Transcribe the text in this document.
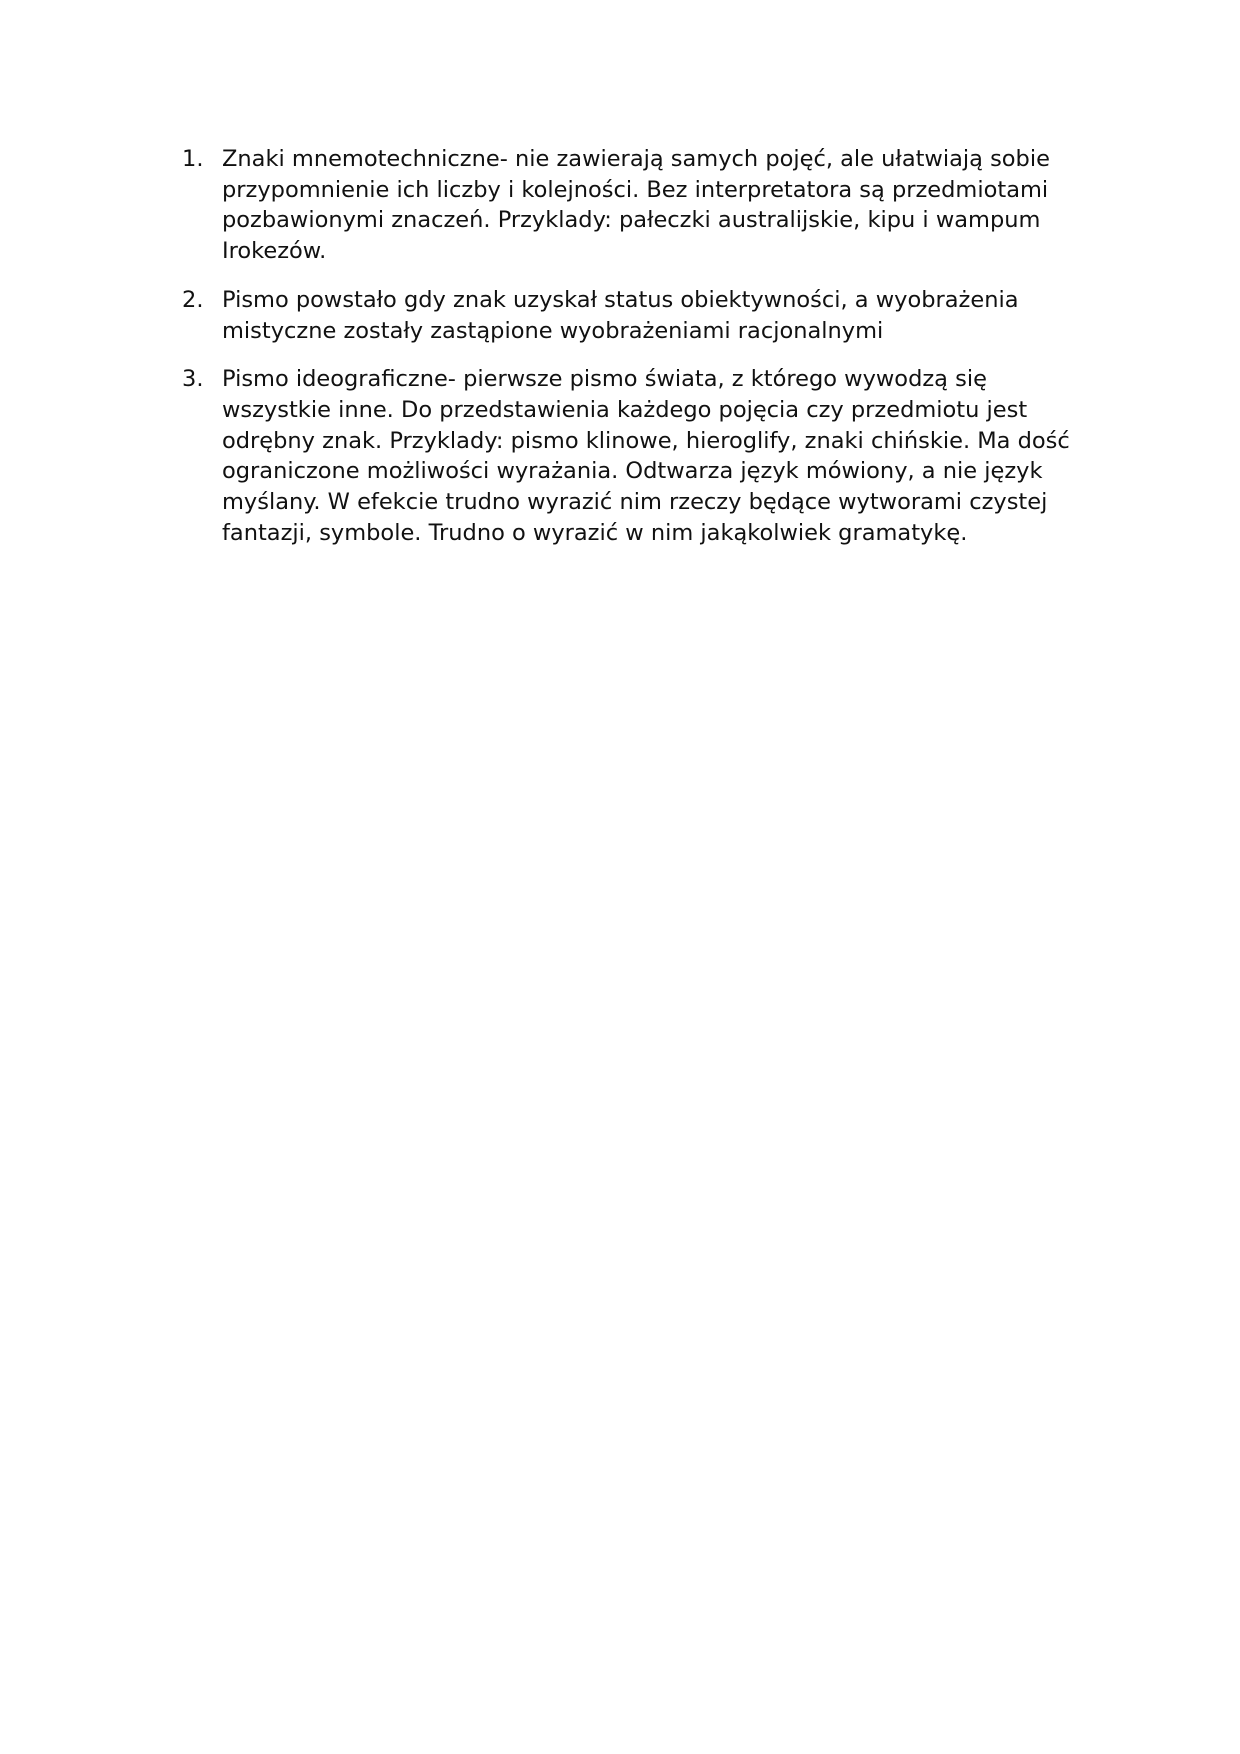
1. Znaki mnemotechniczne- nie zawierają samych pojęć, ale ułatwiają sobie przypomnienie ich liczby i kolejności. Bez interpretatora są przedmiotami pozbawionymi znaczeń. Przyklady: pałeczki australijskie, kipu i wampum Irokezów.
2. Pismo powstało gdy znak uzyskał status obiektywności, a wyobrażenia mistyczne zostały zastąpione wyobrażeniami racjonalnymi
3. Pismo ideograficzne- pierwsze pismo świata, z którego wywodzą się wszystkie inne. Do przedstawienia każdego pojęcia czy przedmiotu jest odrębny znak. Przyklady: pismo klinowe, hieroglify, znaki chińskie. Ma dość ograniczone możliwości wyrażania. Odtwarza język mówiony, a nie język myślany. W efekcie trudno wyrazić nim rzeczy będące wytworami czystej fantazji, symbole. Trudno o wyrazić w nim jakąkolwiek gramatykę.
